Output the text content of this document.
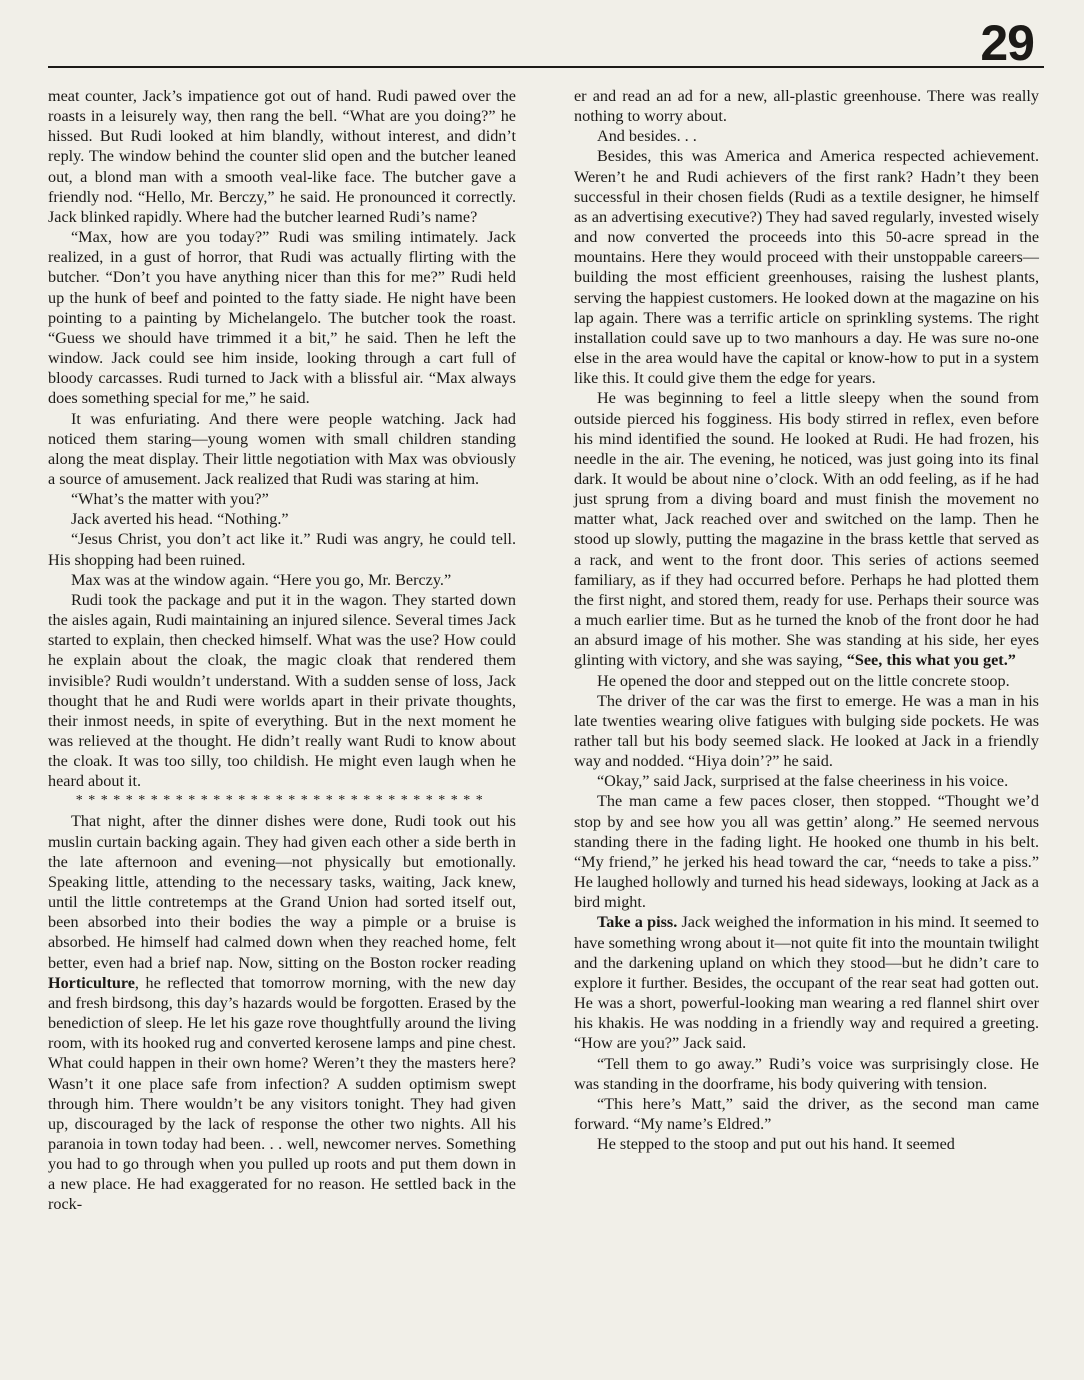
29

meat counter, Jack’s impatience got out of hand. Rudi pawed over the roasts in a leisurely way, then rang the bell. “What are you doing?” he hissed. But Rudi looked at him blandly, without interest, and didn’t reply. The window behind the counter slid open and the butcher leaned out, a blond man with a smooth veal-like face. The butcher gave a friendly nod. “Hello, Mr. Berczy,” he said. He pronounced it correctly. Jack blinked rapidly. Where had the butcher learned Rudi’s name?

“Max, how are you today?” Rudi was smiling intimately. Jack realized, in a gust of horror, that Rudi was actually flirting with the butcher. “Don’t you have anything nicer than this for me?” Rudi held up the hunk of beef and pointed to the fatty siade. He night have been pointing to a painting by Michelangelo. The butcher took the roast. “Guess we should have trimmed it a bit,” he said. Then he left the window. Jack could see him inside, looking through a cart full of bloody carcasses. Rudi turned to Jack with a blissful air. “Max always does something special for me,” he said.

It was enfuriating. And there were people watching. Jack had noticed them staring—young women with small children standing along the meat display. Their little negotiation with Max was obviously a source of amusement. Jack realized that Rudi was staring at him.

“What’s the matter with you?”

Jack averted his head. “Nothing.”

“Jesus Christ, you don’t act like it.” Rudi was angry, he could tell. His shopping had been ruined.

Max was at the window again. “Here you go, Mr. Berczy.”

Rudi took the package and put it in the wagon. They started down the aisles again, Rudi maintaining an injured silence. Several times Jack started to explain, then checked himself. What was the use? How could he explain about the cloak, the magic cloak that rendered them invisible? Rudi wouldn’t understand. With a sudden sense of loss, Jack thought that he and Rudi were worlds apart in their private thoughts, their inmost needs, in spite of everything. But in the next moment he was relieved at the thought. He didn’t really want Rudi to know about the cloak. It was too silly, too childish. He might even laugh when he heard about it.

*********************************

That night, after the dinner dishes were done, Rudi took out his muslin curtain backing again. They had given each other a side berth in the late afternoon and evening—not physically but emotionally. Speaking little, attending to the necessary tasks, waiting, Jack knew, until the little contretemps at the Grand Union had sorted itself out, been absorbed into their bodies the way a pimple or a bruise is absorbed. He himself had calmed down when they reached home, felt better, even had a brief nap. Now, sitting on the Boston rocker reading Horticulture, he reflected that tomorrow morning, with the new day and fresh birdsong, this day’s hazards would be forgotten. Erased by the benediction of sleep. He let his gaze rove thoughtfully around the living room, with its hooked rug and converted kerosene lamps and pine chest. What could happen in their own home? Weren’t they the masters here? Wasn’t it one place safe from infection? A sudden optimism swept through him. There wouldn’t be any visitors tonight. They had given up, discouraged by the lack of response the other two nights. All his paranoia in town today had been. . . well, newcomer nerves. Something you had to go through when you pulled up roots and put them down in a new place. He had exaggerated for no reason. He settled back in the rock-

er and read an ad for a new, all-plastic greenhouse. There was really nothing to worry about.

And besides. . .

Besides, this was America and America respected achievement. Weren’t he and Rudi achievers of the first rank? Hadn’t they been successful in their chosen fields (Rudi as a textile designer, he himself as an advertising executive?) They had saved regularly, invested wisely and now converted the proceeds into this 50-acre spread in the mountains. Here they would proceed with their unstoppable careers—building the most efficient greenhouses, raising the lushest plants, serving the happiest customers. He looked down at the magazine on his lap again. There was a terrific article on sprinkling systems. The right installation could save up to two manhours a day. He was sure no-one else in the area would have the capital or know-how to put in a system like this. It could give them the edge for years.

He was beginning to feel a little sleepy when the sound from outside pierced his fogginess. His body stirred in reflex, even before his mind identified the sound. He looked at Rudi. He had frozen, his needle in the air. The evening, he noticed, was just going into its final dark. It would be about nine o’clock. With an odd feeling, as if he had just sprung from a diving board and must finish the movement no matter what, Jack reached over and switched on the lamp. Then he stood up slowly, putting the magazine in the brass kettle that served as a rack, and went to the front door. This series of actions seemed familiary, as if they had occurred before. Perhaps he had plotted them the first night, and stored them, ready for use. Perhaps their source was a much earlier time. But as he turned the knob of the front door he had an absurd image of his mother. She was standing at his side, her eyes glinting with victory, and she was saying, “See, this what you get.”

He opened the door and stepped out on the little concrete stoop.

The driver of the car was the first to emerge. He was a man in his late twenties wearing olive fatigues with bulging side pockets. He was rather tall but his body seemed slack. He looked at Jack in a friendly way and nodded. “Hiya doin’?” he said.

“Okay,” said Jack, surprised at the false cheeriness in his voice.

The man came a few paces closer, then stopped. “Thought we’d stop by and see how you all was gettin’ along.” He seemed nervous standing there in the fading light. He hooked one thumb in his belt. “My friend,” he jerked his head toward the car, “needs to take a piss.” He laughed hollowly and turned his head sideways, looking at Jack as a bird might.

Take a piss. Jack weighed the information in his mind. It seemed to have something wrong about it—not quite fit into the mountain twilight and the darkening upland on which they stood—but he didn’t care to explore it further. Besides, the occupant of the rear seat had gotten out. He was a short, powerful-looking man wearing a red flannel shirt over his khakis. He was nodding in a friendly way and required a greeting. “How are you?” Jack said.

“Tell them to go away.” Rudi’s voice was surprisingly close. He was standing in the doorframe, his body quivering with tension.

“This here’s Matt,” said the driver, as the second man came forward. “My name’s Eldred.”

He stepped to the stoop and put out his hand. It seemed
